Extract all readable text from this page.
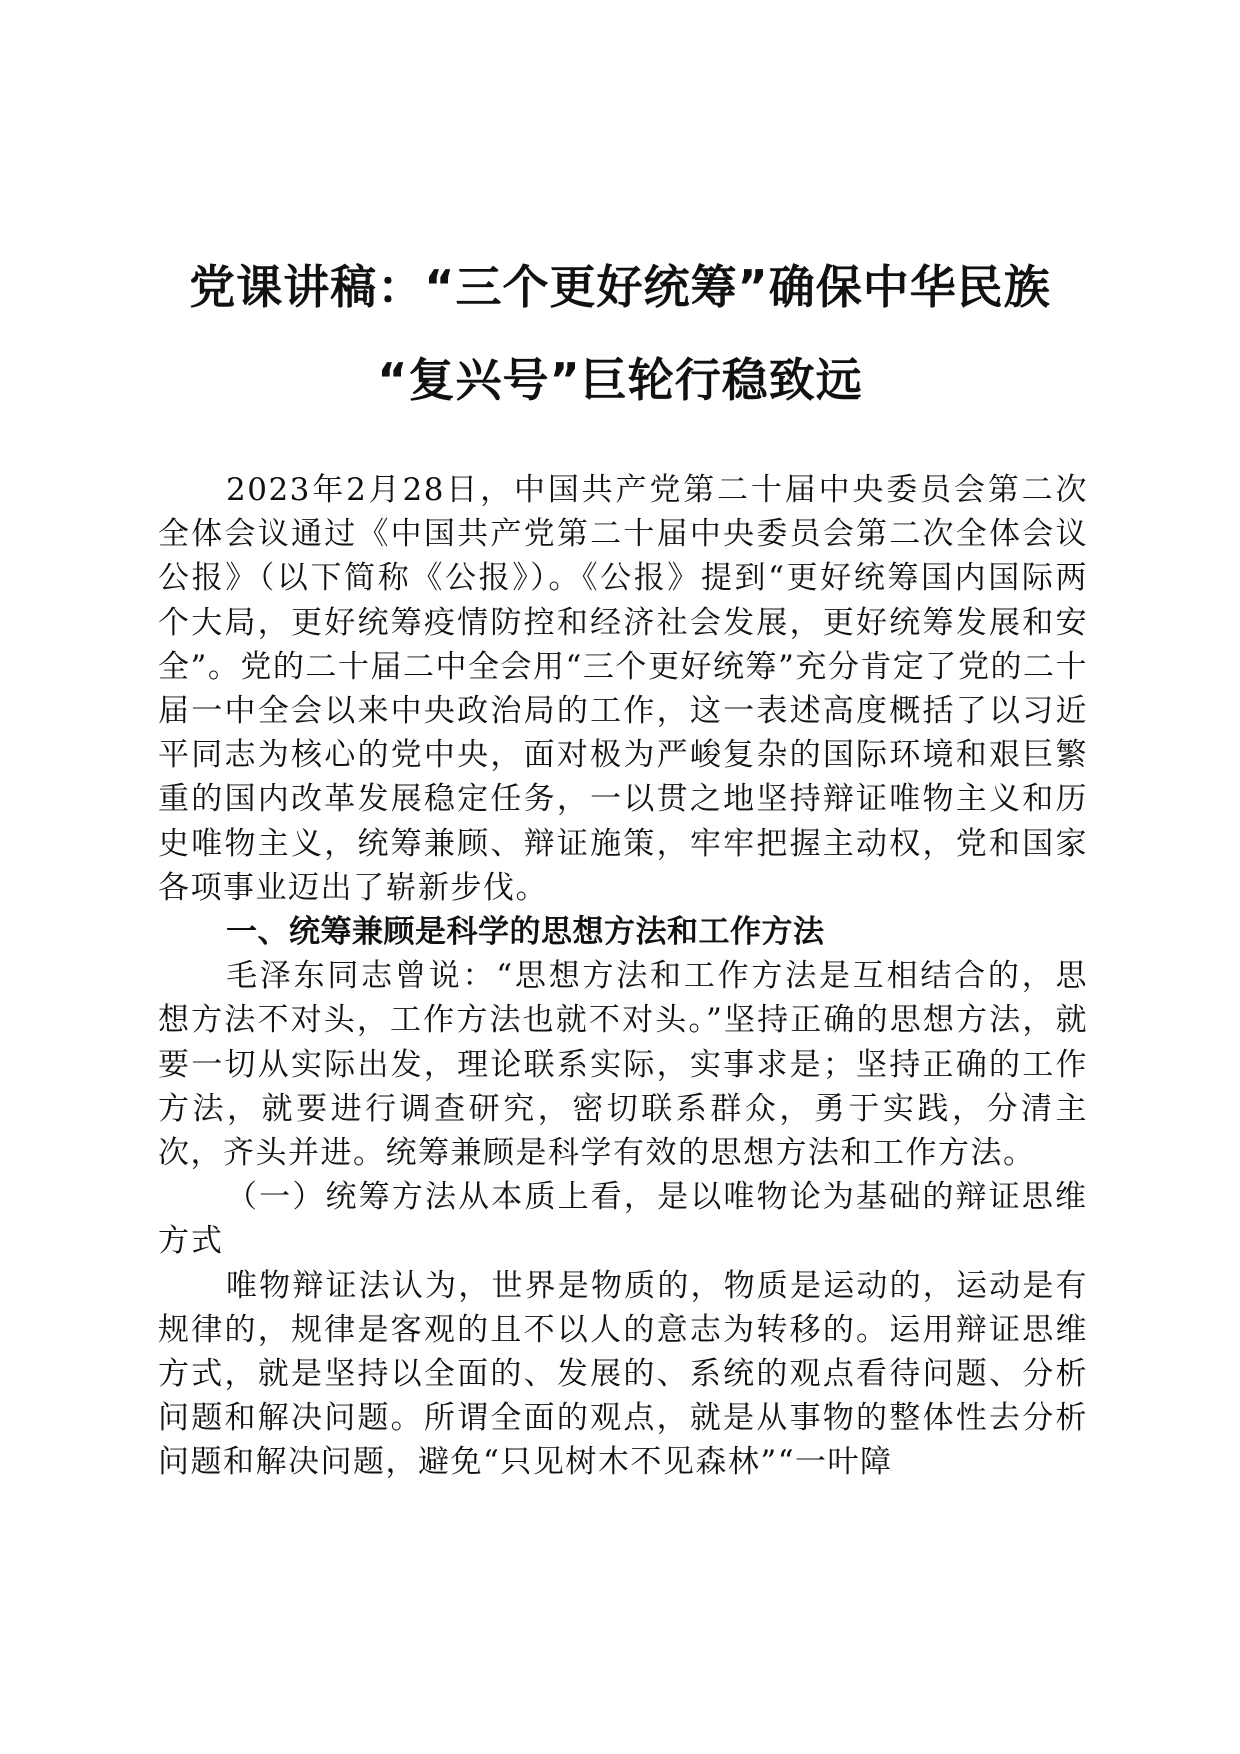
党课讲稿：“三个更好统筹”确保中华民族
“复兴号”巨轮行稳致远

2023年2月28日，中国共产党第二十届中央委员会第二次全体会议通过《中国共产党第二十届中央委员会第二次全体会议公报》（以下简称《公报》）。《公报》提到“更好统筹国内国际两个大局，更好统筹疫情防控和经济社会发展，更好统筹发展和安全”。党的二十届二中全会用“三个更好统筹”充分肯定了党的二十届一中全会以来中央政治局的工作，这一表述高度概括了以习近平同志为核心的党中央，面对极为严峻复杂的国际环境和艰巨繁重的国内改革发展稳定任务，一以贯之地坚持辩证唯物主义和历史唯物主义，统筹兼顾、辩证施策，牢牢把握主动权，党和国家各项事业迈出了崭新步伐。

一、统筹兼顾是科学的思想方法和工作方法

毛泽东同志曾说：“思想方法和工作方法是互相结合的，思想方法不对头，工作方法也就不对头。”坚持正确的思想方法，就要一切从实际出发，理论联系实际，实事求是；坚持正确的工作方法，就要进行调查研究，密切联系群众，勇于实践，分清主次，齐头并进。统筹兼顾是科学有效的思想方法和工作方法。

（一）统筹方法从本质上看，是以唯物论为基础的辩证思维方式

唯物辩证法认为，世界是物质的，物质是运动的，运动是有规律的，规律是客观的且不以人的意志为转移的。运用辩证思维方式，就是坚持以全面的、发展的、系统的观点看待问题、分析问题和解决问题。所谓全面的观点，就是从事物的整体性去分析问题和解决问题，避免“只见树木不见森林”“一叶障
